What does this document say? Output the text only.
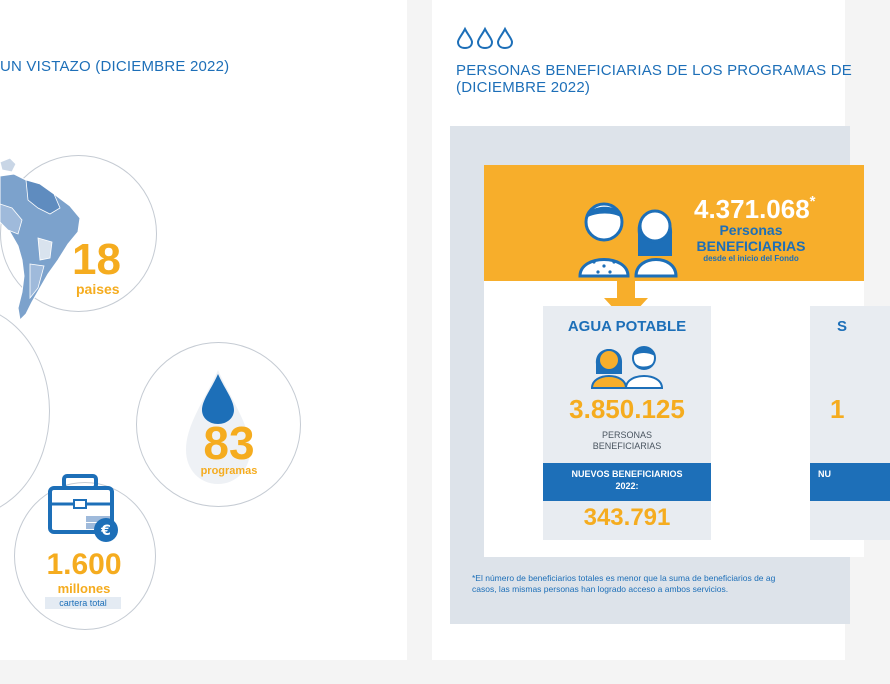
UN VISTAZO (DICIEMBRE 2022)
18
paises
83
programas
€
1.600
millones
cartera total
PERSONAS BENEFICIARIAS DE LOS PROGRAMAS DE
(DICIEMBRE 2022)
4.371.068*
Personas
BENEFICIARIAS
desde el inicio del Fondo
AGUA POTABLE	S
3.850.125	1
PERSONAS
BENEFICIARIAS
NUEVOS BENEFICIARIOS
2022:
NU
343.791
*El número de beneficiarios totales es menor que la suma de beneficiarios de ag
casos, las mismas personas han logrado acceso a ambos servicios.
